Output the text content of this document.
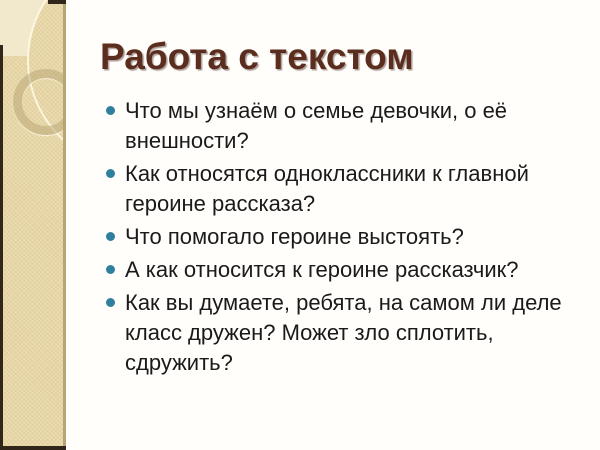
Работа с текстом
Что мы узнаём о семье девочки, о её внешности?
Как относятся одноклассники к главной героине рассказа?
Что помогало героине выстоять?
А как относится к героине рассказчик?
Как вы думаете, ребята, на самом ли деле класс дружен? Может зло сплотить, сдружить?
